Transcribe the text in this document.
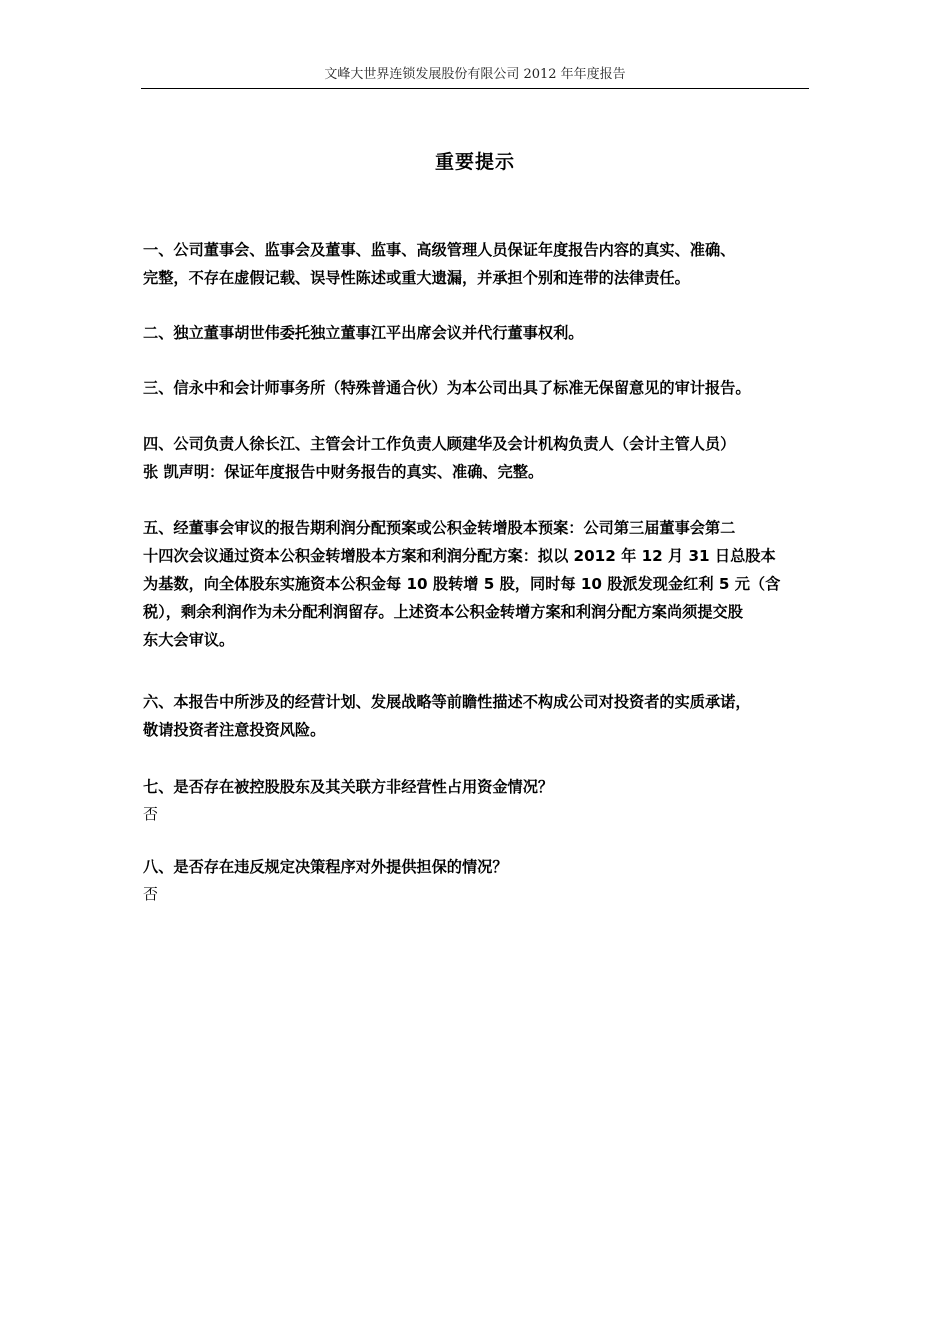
文峰大世界连锁发展股份有限公司 2012 年年度报告
重要提示
一、公司董事会、监事会及董事、监事、高级管理人员保证年度报告内容的真实、准确、
完整，不存在虚假记载、误导性陈述或重大遗漏，并承担个别和连带的法律责任。
二、独立董事胡世伟委托独立董事江平出席会议并代行董事权利。
三、信永中和会计师事务所（特殊普通合伙）为本公司出具了标准无保留意见的审计报告。
四、公司负责人徐长江、主管会计工作负责人顾建华及会计机构负责人（会计主管人员）
张 凯声明：保证年度报告中财务报告的真实、准确、完整。
五、经董事会审议的报告期利润分配预案或公积金转增股本预案：公司第三届董事会第二
十四次会议通过资本公积金转增股本方案和利润分配方案：拟以 2012 年 12 月 31 日总股本
为基数，向全体股东实施资本公积金每 10 股转增 5 股，同时每 10 股派发现金红利 5 元（含
税），剩余利润作为未分配利润留存。上述资本公积金转增方案和利润分配方案尚须提交股
东大会审议。
六、本报告中所涉及的经营计划、发展战略等前瞻性描述不构成公司对投资者的实质承诺，
敬请投资者注意投资风险。
七、是否存在被控股股东及其关联方非经营性占用资金情况？
否
八、是否存在违反规定决策程序对外提供担保的情况？
否
